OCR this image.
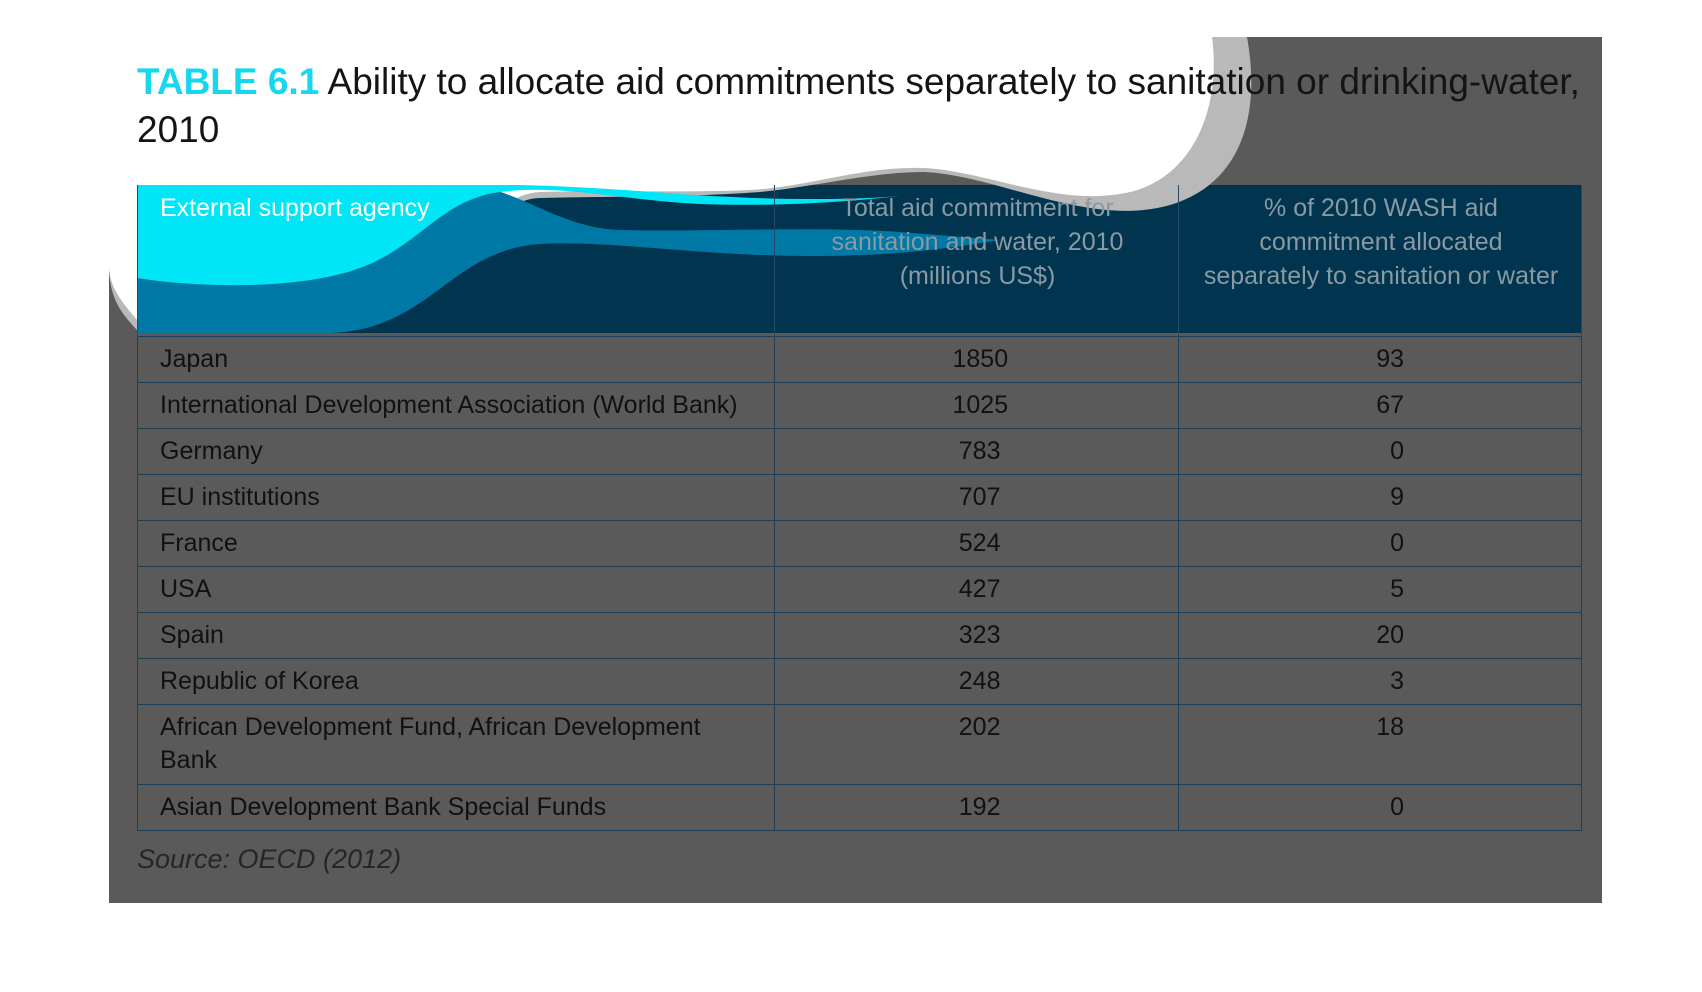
TABLE 6.1 Ability to allocate aid commitments separately to sanitation or drinking-water, 2010
External support agency	Total aid commitment for sanitation and water, 2010 (millions US$)	% of 2010 WASH aid commitment allocated separately to sanitation or water
Japan	1850	93
International Development Association (World Bank)	1025	67
Germany	783	0
EU institutions	707	9
France	524	0
USA	427	5
Spain	323	20
Republic of Korea	248	3
African Development Fund, African Development Bank	202	18
Asian Development Bank Special Funds	192	0
Source: OECD (2012)
